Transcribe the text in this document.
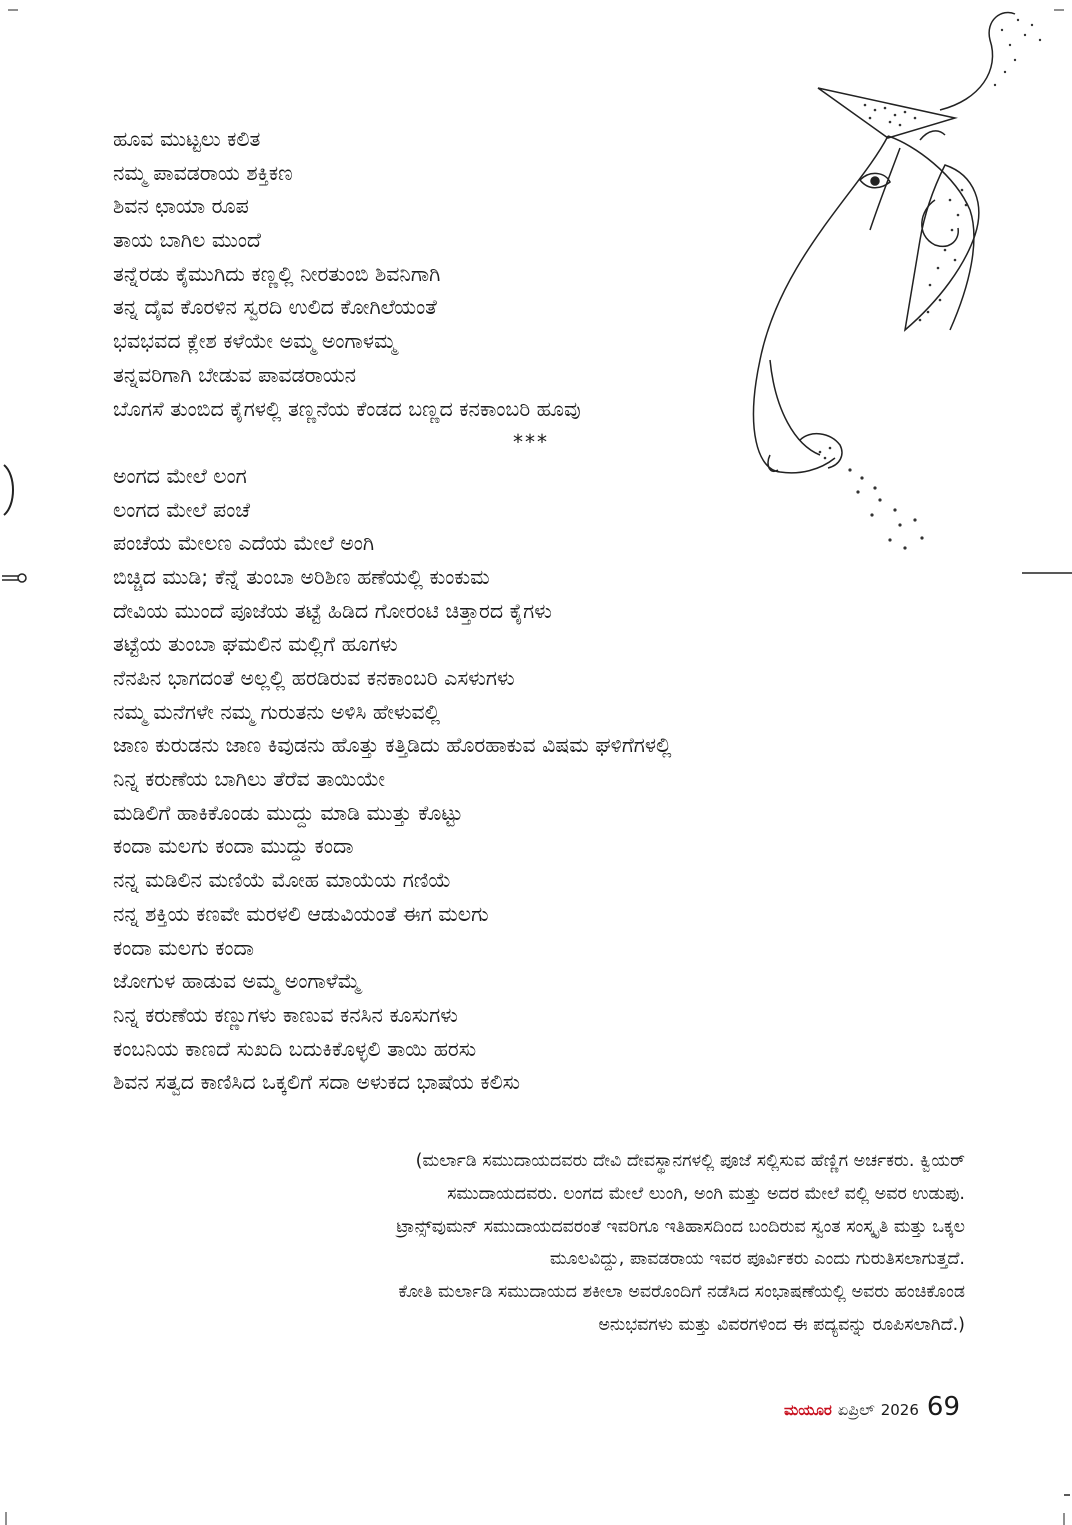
ಹೂವ ಮುಟ್ಟಲು ಕಲಿತ
ನಮ್ಮ ಪಾವಡರಾಯ ಶಕ್ತಿಕಣ
ಶಿವನ ಛಾಯಾ ರೂಪ
ತಾಯ ಬಾಗಿಲ ಮುಂದೆ
ತನ್ನೆರಡು ಕೈಮುಗಿದು ಕಣ್ಣಲ್ಲಿ ನೀರತುಂಬಿ ಶಿವನಿಗಾಗಿ
ತನ್ನ ದೈವ ಕೊರಳಿನ ಸ್ವರದಿ ಉಲಿದ ಕೋಗಿಲೆಯಂತೆ
ಭವಭವದ ಕ್ಲೇಶ ಕಳೆಯೇ ಅಮ್ಮ ಅಂಗಾಳಮ್ಮ
ತನ್ನವರಿಗಾಗಿ ಬೇಡುವ ಪಾವಡರಾಯನ
ಬೊಗಸೆ ತುಂಬಿದ ಕೈಗಳಲ್ಲಿ ತಣ್ಣನೆಯ ಕೆಂಡದ ಬಣ್ಣದ ಕನಕಾಂಬರಿ ಹೂವು
***
ಅಂಗದ ಮೇಲೆ ಲಂಗ
ಲಂಗದ ಮೇಲೆ ಪಂಚೆ
ಪಂಚೆಯ ಮೇಲಣ ಎದೆಯ ಮೇಲೆ ಅಂಗಿ
ಬಿಚ್ಚಿದ ಮುಡಿ; ಕೆನ್ನೆ ತುಂಬಾ ಅರಿಶಿಣ ಹಣೆಯಲ್ಲಿ ಕುಂಕುಮ
ದೇವಿಯ ಮುಂದೆ ಪೂಜೆಯ ತಟ್ಟೆ ಹಿಡಿದ ಗೋರಂಟಿ ಚಿತ್ತಾರದ ಕೈಗಳು
ತಟ್ಟೆಯ ತುಂಬಾ ಘಮಲಿನ ಮಲ್ಲಿಗೆ ಹೂಗಳು
ನೆನಪಿನ ಭಾಗದಂತೆ ಅಲ್ಲಲ್ಲಿ ಹರಡಿರುವ ಕನಕಾಂಬರಿ ಎಸಳುಗಳು
ನಮ್ಮ ಮನೆಗಳೇ ನಮ್ಮ ಗುರುತನು ಅಳಿಸಿ ಹೇಳುವಲ್ಲಿ
ಜಾಣ ಕುರುಡನು ಜಾಣ ಕಿವುಡನು ಹೊತ್ತು ಕತ್ತಿಡಿದು ಹೊರಹಾಕುವ ವಿಷಮ ಘಳಿಗೆಗಳಲ್ಲಿ
ನಿನ್ನ ಕರುಣೆಯ ಬಾಗಿಲು ತೆರೆವ ತಾಯಿಯೇ
ಮಡಿಲಿಗೆ ಹಾಕಿಕೊಂಡು ಮುದ್ದು ಮಾಡಿ ಮುತ್ತು ಕೊಟ್ಟು
ಕಂದಾ ಮಲಗು ಕಂದಾ ಮುದ್ದು ಕಂದಾ
ನನ್ನ ಮಡಿಲಿನ ಮಣಿಯೆ ಮೋಹ ಮಾಯೆಯ ಗಣಿಯೆ
ನನ್ನ ಶಕ್ತಿಯ ಕಣವೇ ಮರಳಲಿ ಆಡುವಿಯಂತೆ ಈಗ ಮಲಗು
ಕಂದಾ ಮಲಗು ಕಂದಾ
ಜೋಗುಳ ಹಾಡುವ ಅಮ್ಮ ಅಂಗಾಳೆಮ್ಮೆ
ನಿನ್ನ ಕರುಣೆಯ ಕಣ್ಣುಗಳು ಕಾಣುವ ಕನಸಿನ ಕೂಸುಗಳು
ಕಂಬನಿಯ ಕಾಣದೆ ಸುಖದಿ ಬದುಕಿಕೊಳ್ಳಲಿ ತಾಯಿ ಹರಸು
ಶಿವನ ಸತ್ವದ ಕಾಣಿಸಿದ ಒಕ್ಕಲಿಗೆ ಸದಾ ಅಳುಕದ ಭಾಷೆಯ ಕಲಿಸು
(ಮರ್ಲಾಡಿ ಸಮುದಾಯದವರು ದೇವಿ ದೇವಸ್ಥಾನಗಳಲ್ಲಿ ಪೂಜೆ ಸಲ್ಲಿಸುವ ಹೆಣ್ಣಿಗ ಅರ್ಚಕರು. ಕ್ವಿಯರ್
ಸಮುದಾಯದವರು. ಲಂಗದ ಮೇಲೆ ಲುಂಗಿ, ಅಂಗಿ ಮತ್ತು ಅದರ ಮೇಲೆ ವಲ್ಲಿ ಅವರ ಉಡುಪು.
ಟ್ರಾನ್ಸ್‌ವುಮನ್ ಸಮುದಾಯದವರಂತೆ ಇವರಿಗೂ ಇತಿಹಾಸದಿಂದ ಬಂದಿರುವ ಸ್ವಂತ ಸಂಸ್ಕೃತಿ ಮತ್ತು ಒಕ್ಕಲ
ಮೂಲವಿದ್ದು, ಪಾವಡರಾಯ ಇವರ ಪೂರ್ವಿಕರು ಎಂದು ಗುರುತಿಸಲಾಗುತ್ತದೆ.
ಕೋತಿ ಮರ್ಲಾಡಿ ಸಮುದಾಯದ ಶಕೀಲಾ ಅವರೊಂದಿಗೆ ನಡೆಸಿದ ಸಂಭಾಷಣೆಯಲ್ಲಿ ಅವರು ಹಂಚಿಕೊಂಡ
ಅನುಭವಗಳು ಮತ್ತು ವಿವರಗಳಿಂದ ಈ ಪದ್ಯವನ್ನು ರೂಪಿಸಲಾಗಿದೆ.)
ಮಯೂರ ಏಪ್ರಿಲ್ 2026 69
